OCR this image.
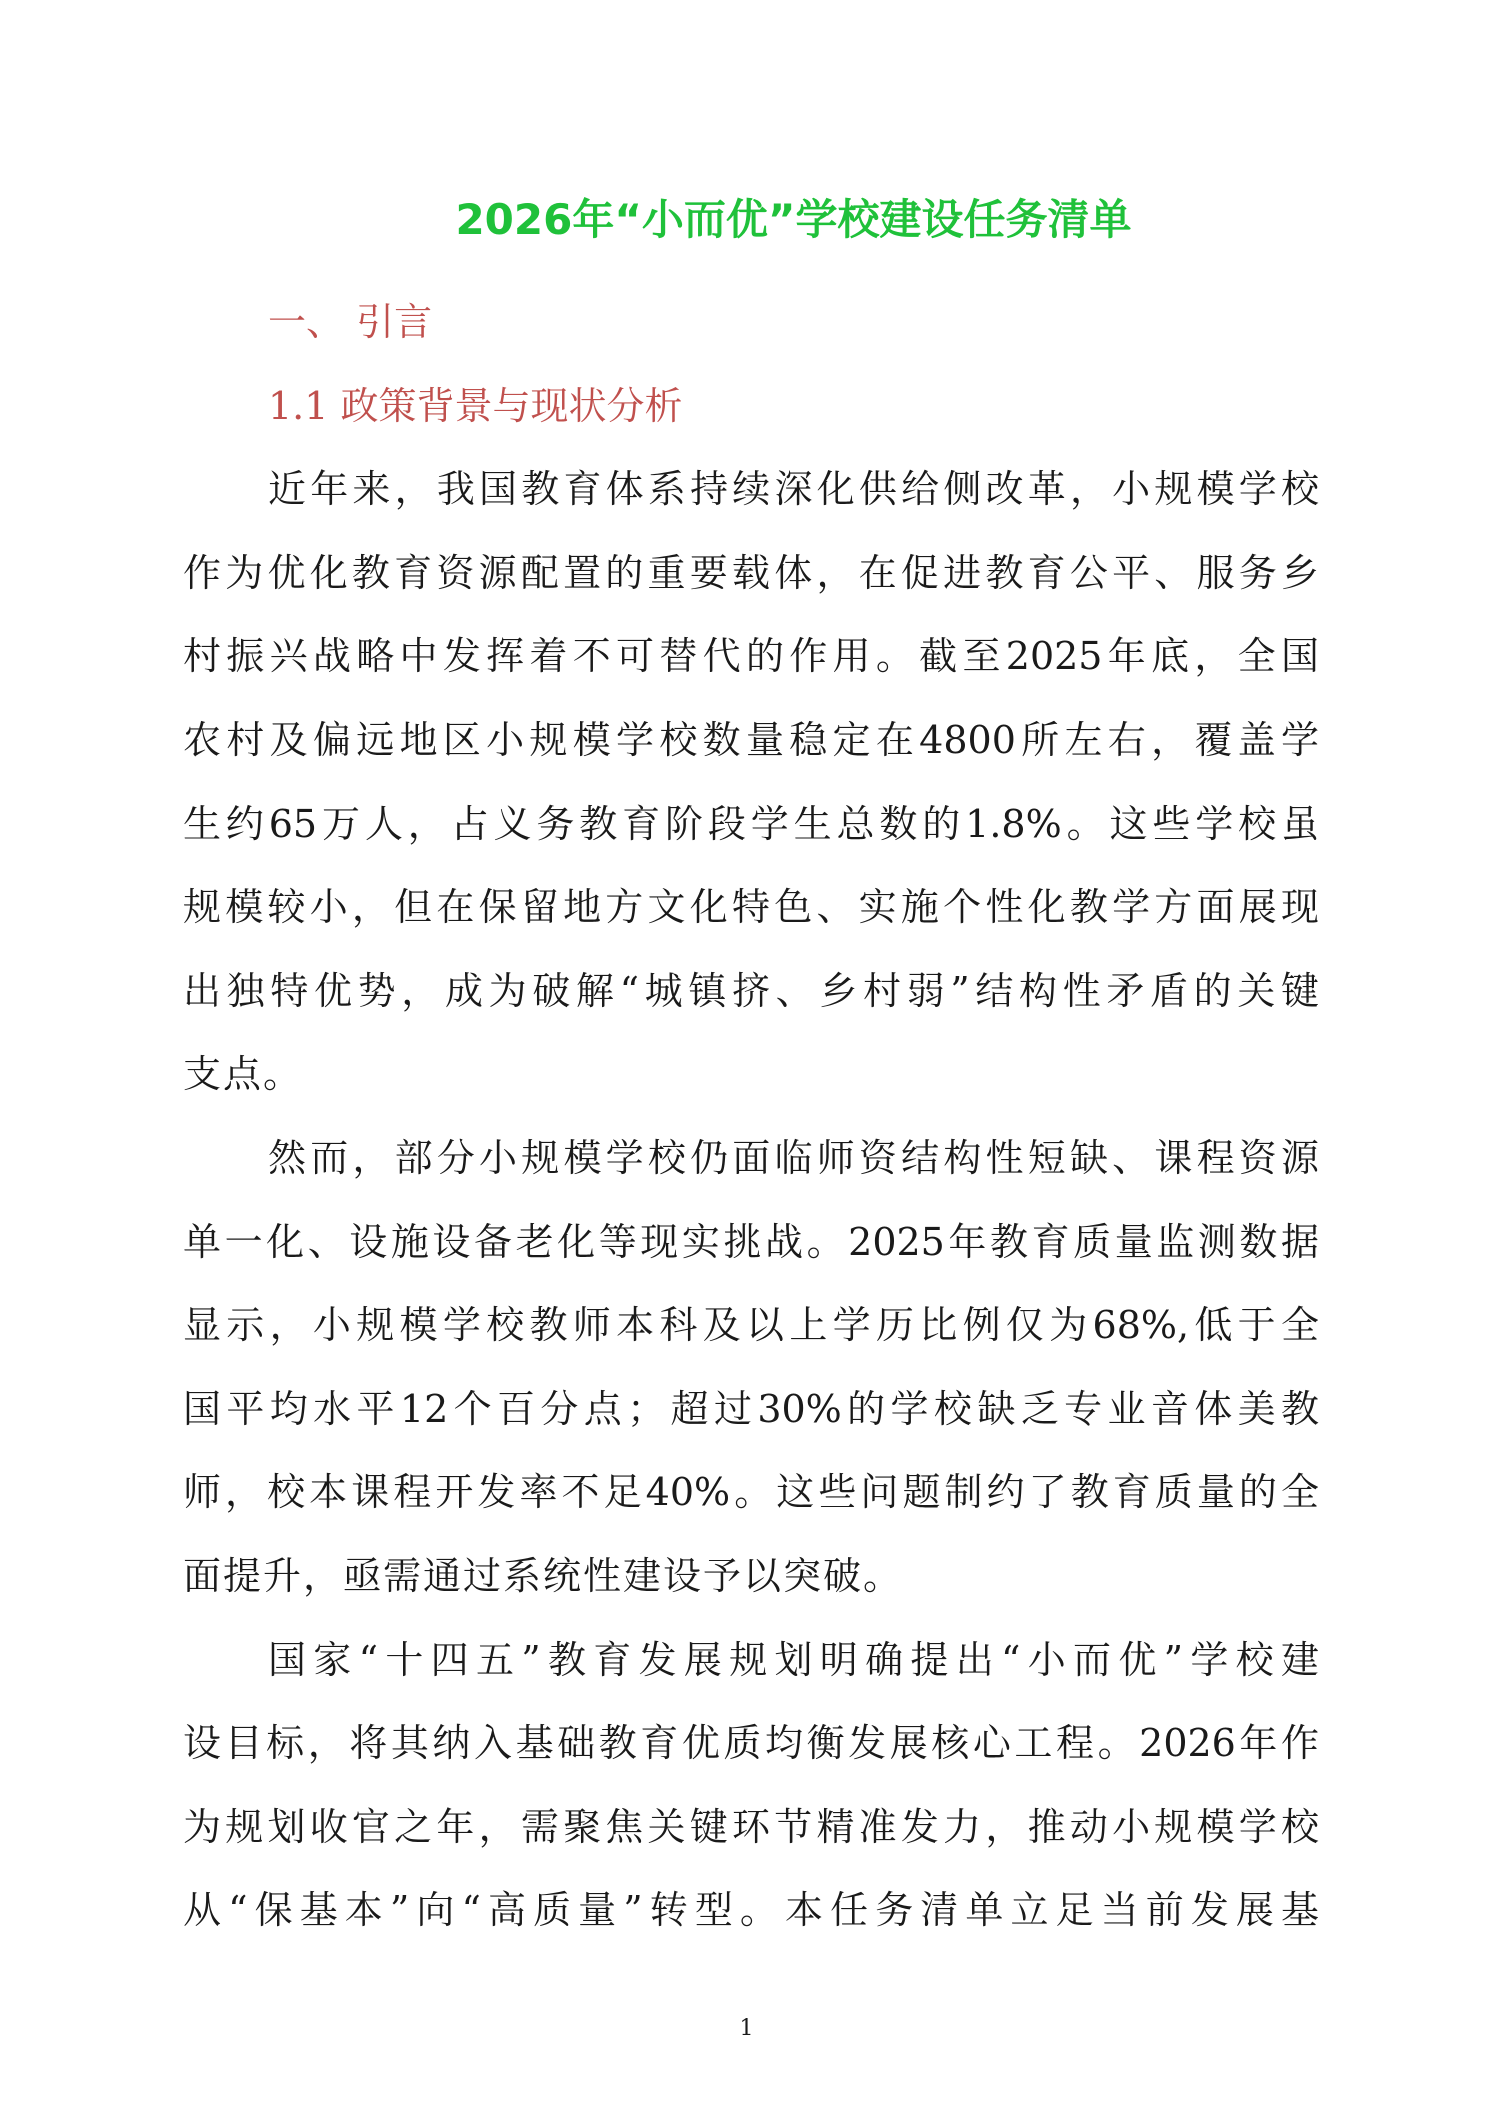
2026年“小而优”学校建设任务清单
一、 引言
1.1 政策背景与现状分析
近年来，我国教育体系持续深化供给侧改革，小规模学校
作为优化教育资源配置的重要载体，在促进教育公平、服务乡
村振兴战略中发挥着不可替代的作用。截至2025年底，全国
农村及偏远地区小规模学校数量稳定在4800所左右，覆盖学
生约65万人，占义务教育阶段学生总数的1.8%。这些学校虽
规模较小，但在保留地方文化特色、实施个性化教学方面展现
出独特优势，成为破解“城镇挤、乡村弱”结构性矛盾的关键
支点。
然而，部分小规模学校仍面临师资结构性短缺、课程资源
单一化、设施设备老化等现实挑战。2025年教育质量监测数据
显示，小规模学校教师本科及以上学历比例仅为68%,低于全
国平均水平12个百分点；超过30%的学校缺乏专业音体美教
师，校本课程开发率不足40%。这些问题制约了教育质量的全
面提升，亟需通过系统性建设予以突破。
国家“十四五”教育发展规划明确提出“小而优”学校建
设目标，将其纳入基础教育优质均衡发展核心工程。2026年作
为规划收官之年，需聚焦关键环节精准发力，推动小规模学校
从“保基本”向“高质量”转型。本任务清单立足当前发展基
1
